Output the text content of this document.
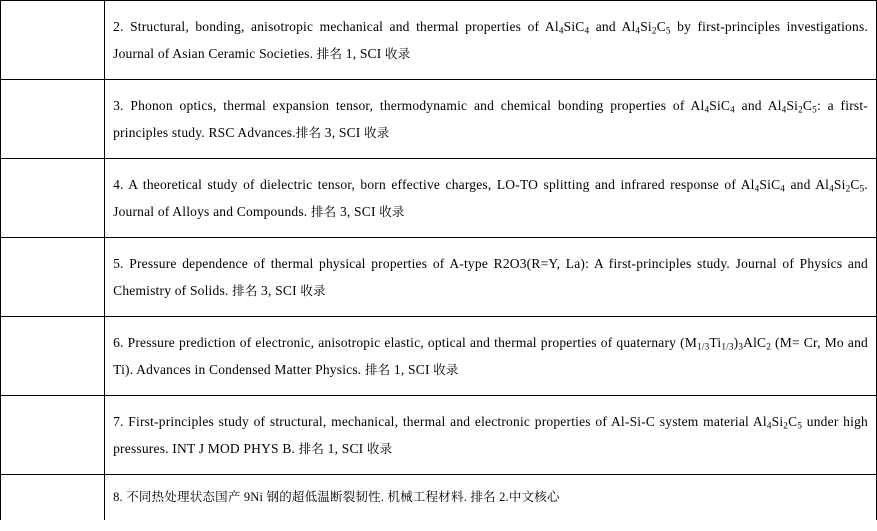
	2. Structural, bonding, anisotropic mechanical and thermal properties of $Al_4SiC_4$ and $Al_4Si_2C_5$ by first-principles investigations. Journal of Asian Ceramic Societies. 排名 1, SCI 收录

	3. Phonon optics, thermal expansion tensor, thermodynamic and chemical bonding properties of $Al_4SiC_4$ and $Al_4Si_2C_5$: a first-principles study. RSC Advances.排名 3, SCI 收录

	4. A theoretical study of dielectric tensor, born effective charges, LO-TO splitting and infrared response of $Al_4SiC_4$ and $Al_4Si_2C_5$. Journal of Alloys and Compounds. 排名 3, SCI 收录

	5. Pressure dependence of thermal physical properties of A-type R2O3(R=Y, La): A first-principles study. Journal of Physics and Chemistry of Solids. 排名 3, SCI 收录

	6. Pressure prediction of electronic, anisotropic elastic, optical and thermal properties of quaternary $(M_{1/3}Ti_{1/3})_3AlC_2$ (M= Cr, Mo and Ti). Advances in Condensed Matter Physics. 排名 1, SCI 收录

	7. First-principles study of structural, mechanical, thermal and electronic properties of Al-Si-C system material $Al_4Si_2C_5$ under high pressures. INT J MOD PHYS B. 排名 1, SCI 收录

	8. 不同热处理状态国产 9Ni 钢的超低温断裂韧性. 机械工程材料. 排名 2.中文核心
